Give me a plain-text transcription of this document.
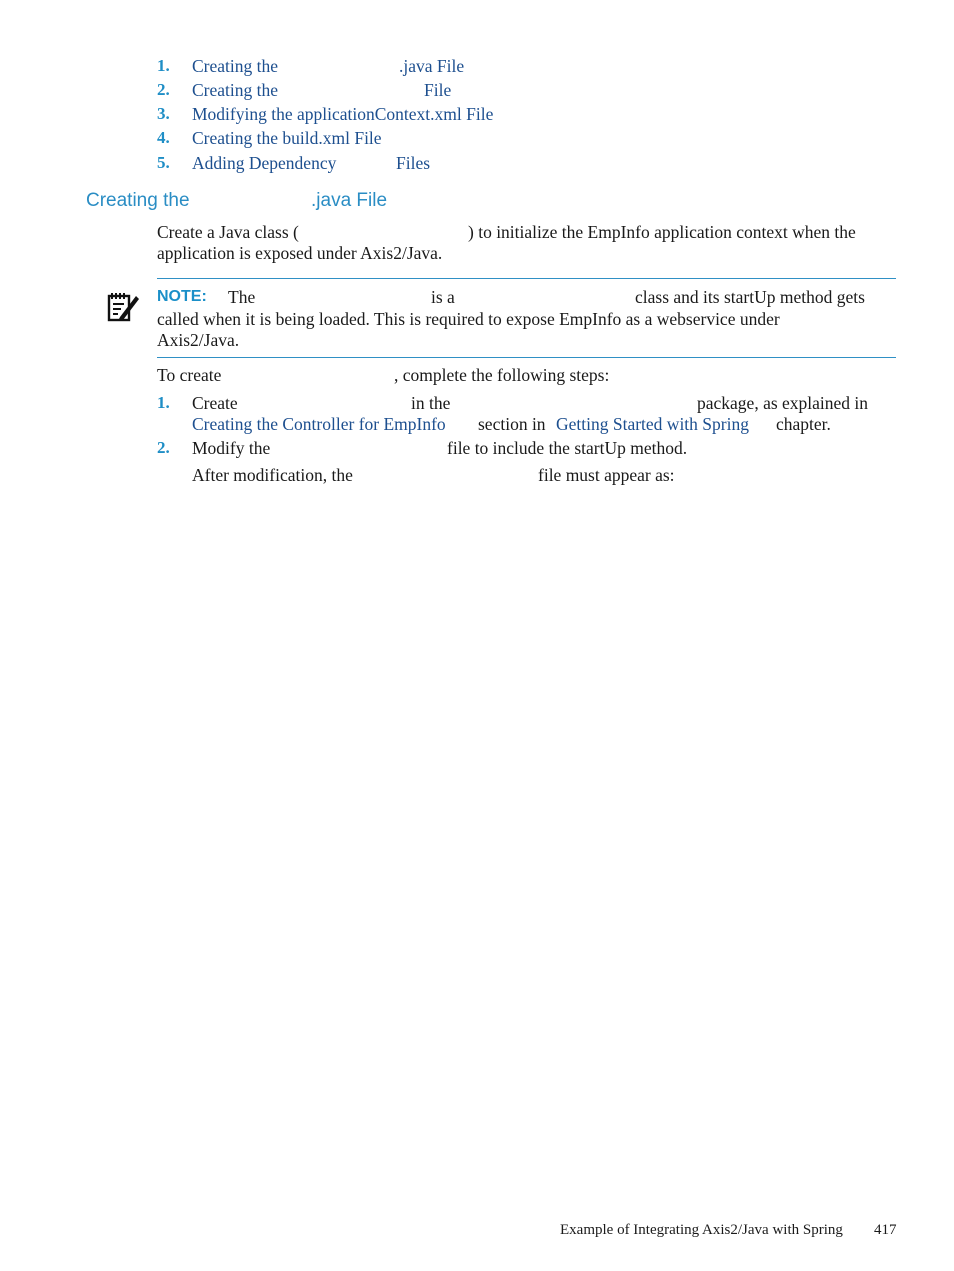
1. Creating the	.java File
2. Creating the	File
3. Modifying the applicationContext.xml File
4. Creating the build.xml File
5. Adding Dependency	Files
Creating the	.java File
Create a Java class (	) to initialize the EmpInfo application context when the
application is exposed under Axis2/Java.
NOTE: The	is a	class and its startUp method gets
called when it is being loaded. This is required to expose EmpInfo as a webservice under
Axis2/Java.
To create	, complete the following steps:
1. Create	in the	package, as explained in
Creating the Controller for EmpInfo section in Getting Started with Spring chapter.
2. Modify the	file to include the startUp method.
After modification, the	file must appear as:
Example of Integrating Axis2/Java with Spring 417
